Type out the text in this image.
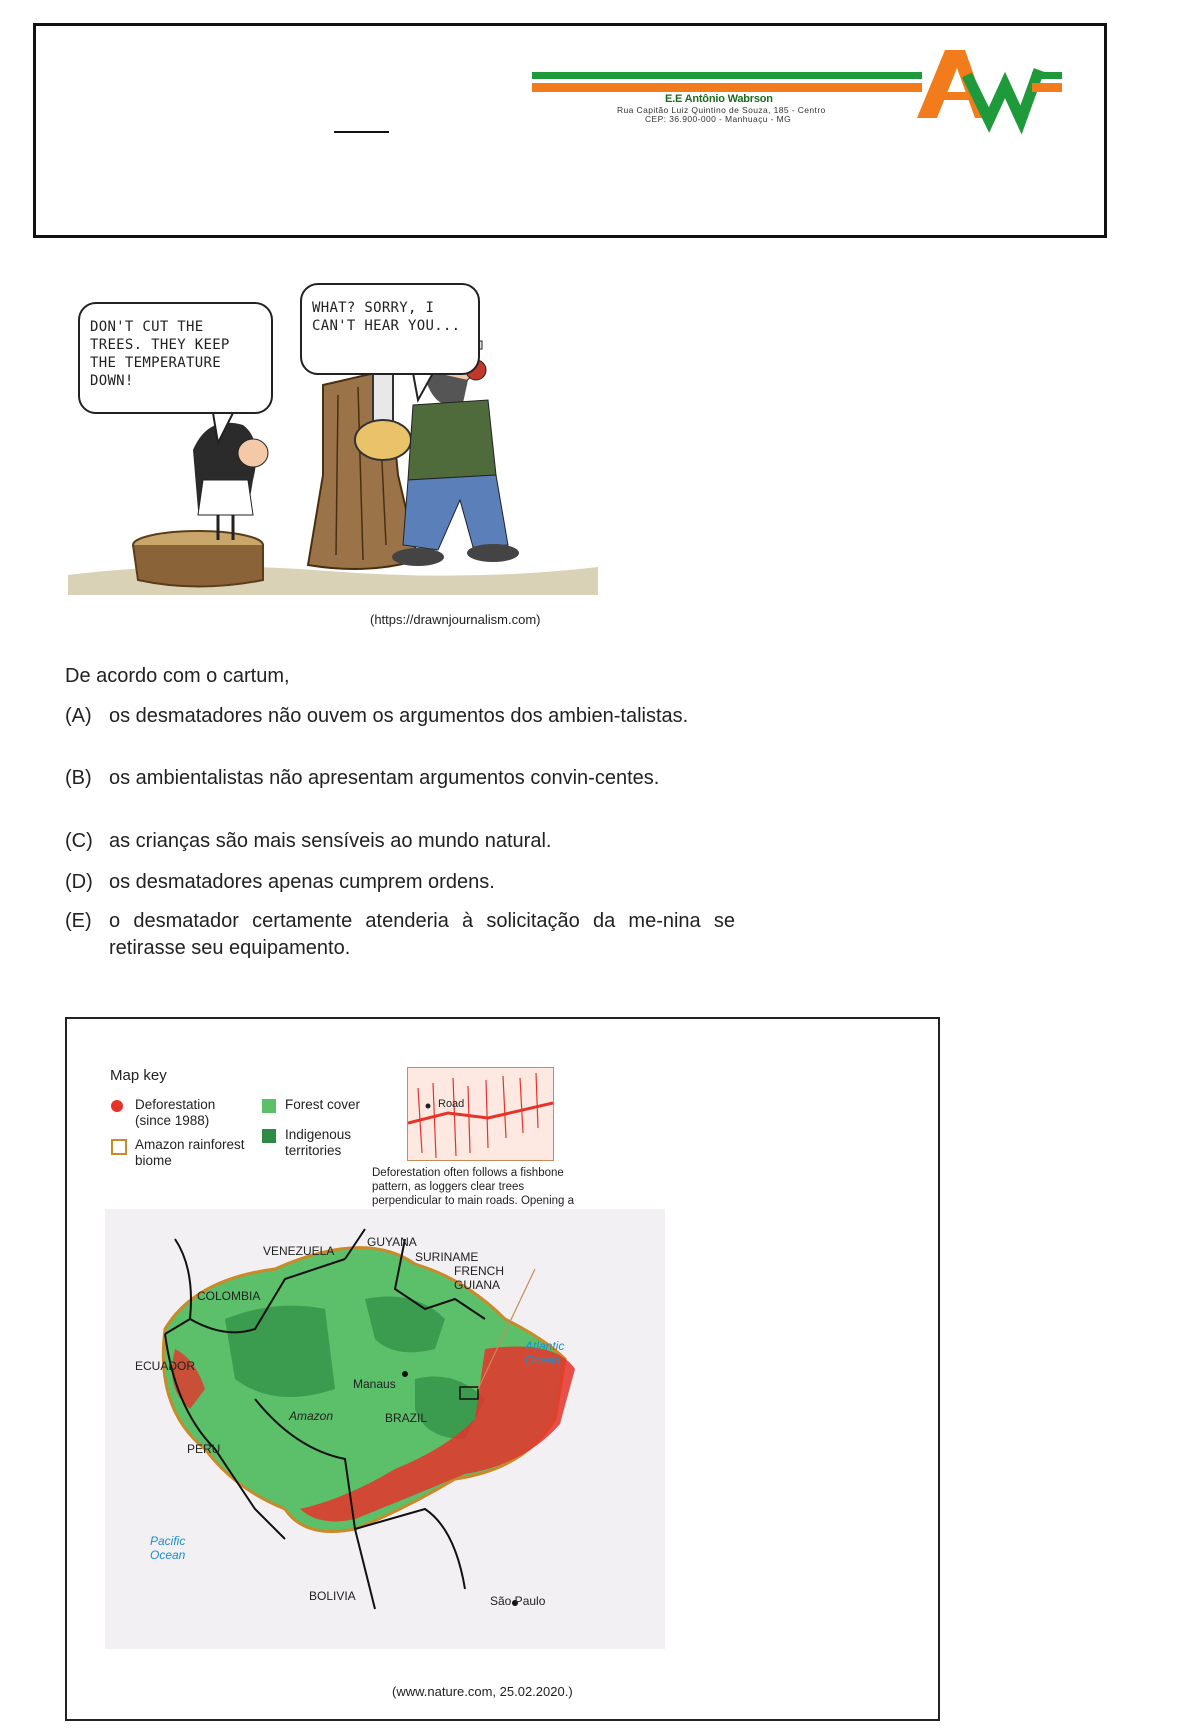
E.E Antônio Wabrson
Rua Capitão Luiz Quintino de Souza, 185 - Centro
CEP: 36.900-000 - Manhuaçu - MG
DON'T CUT THE TREES. THEY KEEP THE TEMPERATURE DOWN!
WHAT? SORRY, I CAN'T HEAR YOU...
(https://drawnjournalism.com)
De acordo com o cartum,
(A) os desmatadores não ouvem os argumentos dos ambien-talistas.
(B) os ambientalistas não apresentam argumentos convin-centes.
(C) as crianças são mais sensíveis ao mundo natural.
(D) os desmatadores apenas cumprem ordens.
(E) o desmatador certamente atenderia à solicitação da me-nina se retirasse seu equipamento.
Map key
Deforestation (since 1988)
Forest cover
Amazon rainforest biome
Indigenous territories
Road
Deforestation often follows a fishbone pattern, as loggers clear trees perpendicular to main roads. Opening a
VENEZUELA
GUYANA
SURINAME
FRENCH
GUIANA
COLOMBIA
ECUADOR
PERU
BRAZIL
Amazon
Manaus
BOLIVIA	São Paulo
Atlantic
Ocean
Pacific
Ocean
(www.nature.com, 25.02.2020.)
